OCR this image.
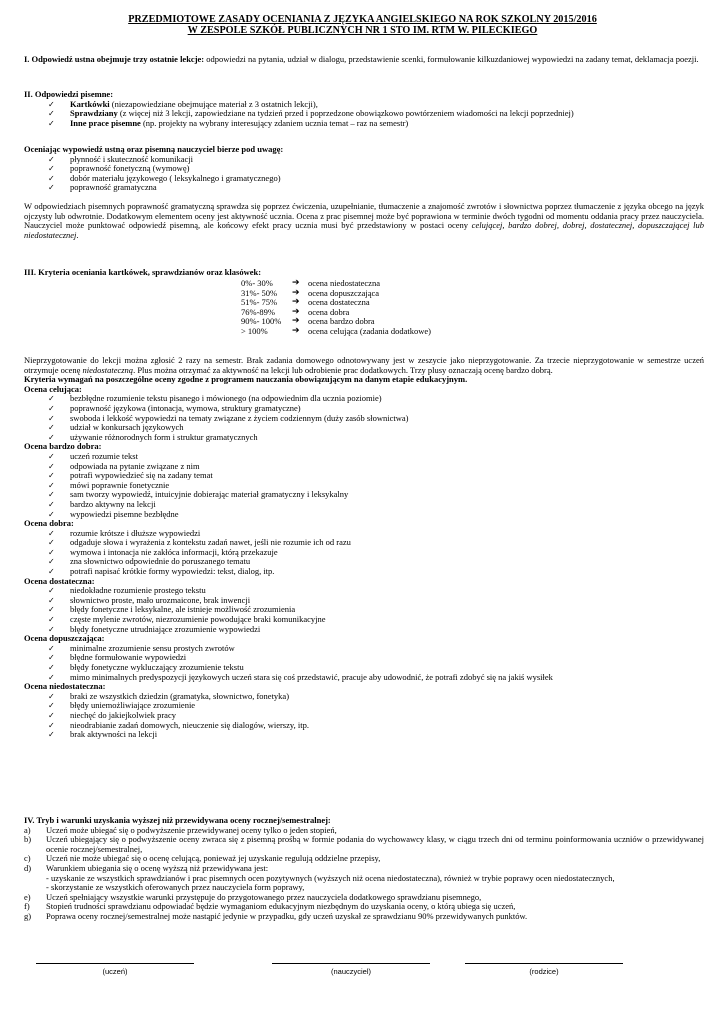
PRZEDMIOTOWE ZASADY OCENIANIA Z JĘZYKA ANGIELSKIEGO NA ROK SZKOLNY 2015/2016
W ZESPOLE SZKÓŁ PUBLICZNYCH NR 1 STO IM. RTM W. PILECKIEGO
I. Odpowiedź ustna obejmuje trzy ostatnie lekcje: odpowiedzi na pytania, udział w dialogu, przedstawienie scenki, formułowanie kilkuzdaniowej wypowiedzi na zadany temat, deklamacja poezji.

II. Odpowiedzi pisemne:

✓ Kartkówki (niezapowiedziane obejmujące materiał z 3 ostatnich lekcji),
✓ Sprawdziany (z więcej niż 3 lekcji, zapowiedziane na tydzień przed i poprzedzone obowiązkowo powtórzeniem wiadomości na lekcji poprzedniej)
✓ Inne prace pisemne (np. projekty na wybrany interesujący zdaniem ucznia temat – raz na semestr)

Oceniając wypowiedź ustną oraz pisemną nauczyciel bierze pod uwagę:

✓ płynność i skuteczność komunikacji
✓ poprawność fonetyczną (wymowę)
✓ dobór materiału językowego ( leksykalnego i gramatycznego)
✓ poprawność gramatyczna

W odpowiedziach pisemnych poprawność gramatyczną sprawdza się poprzez ćwiczenia, uzupełnianie, tłumaczenie a znajomość zwrotów i słownictwa poprzez tłumaczenie z języka obcego na język ojczysty lub odwrotnie. Dodatkowym elementem oceny jest aktywność ucznia. Ocena z prac pisemnej może być poprawiona w terminie dwóch tygodni od momentu oddania pracy przez nauczyciela. Nauczyciel może punktować odpowiedź pisemną, ale końcowy efekt pracy ucznia musi być przedstawiony w postaci oceny celującej, bardzo dobrej, dobrej, dostatecznej, dopuszczającej lub niedostatecznej.

III. Kryteria oceniania kartkówek, sprawdzianów oraz klasówek:

0%- 30%	➔ ocena niedostateczna
31%- 50%	➔ ocena dopuszczająca
51%- 75%	➔ ocena dostateczna
76%-89%	➔ ocena dobra
90%- 100%	➔ ocena bardzo dobra
> 100%	➔ ocena celująca (zadania dodatkowe)

Nieprzygotowanie do lekcji można zgłosić 2 razy na semestr. Brak zadania domowego odnotowywany jest w zeszycie jako nieprzygotowanie. Za trzecie nieprzygotowanie w semestrze uczeń otrzymuje ocenę niedostateczną. Plus można otrzymać za aktywność na lekcji lub odrobienie prac dodatkowych. Trzy plusy oznaczają ocenę bardzo dobrą.

Kryteria wymagań na poszczególne oceny zgodne z programem nauczania obowiązującym na danym etapie edukacyjnym.

Ocena celująca:

✓ bezbłędne rozumienie tekstu pisanego i mówionego (na odpowiednim dla ucznia poziomie)
✓ poprawność językowa (intonacja, wymowa, struktury gramatyczne)
✓ swoboda i lekkość wypowiedzi na tematy związane z życiem codziennym (duży zasób słownictwa)
✓ udział w konkursach językowych
✓ używanie różnorodnych form i struktur gramatycznych

Ocena bardzo dobra:

✓ uczeń rozumie tekst
✓ odpowiada na pytanie związane z nim
✓ potrafi wypowiedzieć się na zadany temat
✓ mówi poprawnie fonetycznie
✓ sam tworzy wypowiedź, intuicyjnie dobierając materiał gramatyczny i leksykalny
✓ bardzo aktywny na lekcji
✓ wypowiedzi pisemne bezbłędne

Ocena dobra:

✓ rozumie krótsze i dłuższe wypowiedzi
✓ odgaduje słowa i wyrażenia z kontekstu zadań nawet, jeśli nie rozumie ich od razu
✓ wymowa i intonacja nie zakłóca informacji, którą przekazuje
✓ zna słownictwo odpowiednie do poruszanego tematu
✓ potrafi napisać krótkie formy wypowiedzi: tekst, dialog, itp.

Ocena dostateczna:

✓ niedokładne rozumienie prostego tekstu
✓ słownictwo proste, mało urozmaicone, brak inwencji
✓ błędy fonetyczne i leksykalne, ale istnieje możliwość zrozumienia
✓ częste mylenie zwrotów, niezrozumienie powodujące braki komunikacyjne
✓ błędy fonetyczne utrudniające zrozumienie wypowiedzi

Ocena dopuszczająca:

✓ minimalne zrozumienie sensu prostych zwrotów
✓ błędne formułowanie wypowiedzi
✓ błędy fonetyczne wykluczający zrozumienie tekstu
✓ mimo minimalnych predyspozycji językowych uczeń stara się coś przedstawić, pracuje aby udowodnić, że potrafi zdobyć się na jakiś wysiłek

Ocena niedostateczna:

✓ braki ze wszystkich dziedzin (gramatyka, słownictwo, fonetyka)
✓ błędy uniemożliwiające zrozumienie
✓ niechęć do jakiejkolwiek pracy
✓ nieodrabianie zadań domowych, nieuczenie się dialogów, wierszy, itp.
✓ brak aktywności na lekcji

IV. Tryb i warunki uzyskania wyższej niż przewidywana oceny rocznej/semestralnej:

a) Uczeń może ubiegać się o podwyższenie przewidywanej oceny tylko o jeden stopień,
b) Uczeń ubiegający się o podwyższenie oceny zwraca się z pisemną prośbą w formie podania do wychowawcy klasy, w ciągu trzech dni od terminu poinformowania uczniów o przewidywanej ocenie rocznej/semestralnej,
c) Uczeń nie może ubiegać się o ocenę celującą, ponieważ jej uzyskanie regulują oddzielne przepisy,
d) Warunkiem ubiegania się o ocenę wyższą niż przewidywana jest:
- uzyskanie ze wszystkich sprawdzianów i prac pisemnych ocen pozytywnych (wyższych niż ocena niedostateczna), również w trybie poprawy ocen niedostatecznych,
- skorzystanie ze wszystkich oferowanych przez nauczyciela form poprawy,
e) Uczeń spełniający wszystkie warunki przystępuje do przygotowanego przez nauczyciela dodatkowego sprawdzianu pisemnego,
f) Stopień trudności sprawdzianu odpowiadać będzie wymaganiom edukacyjnym niezbędnym do uzyskania oceny, o którą ubiega się uczeń,
g) Poprawa oceny rocznej/semestralnej może nastąpić jedynie w przypadku, gdy uczeń uzyskał ze sprawdzianu 90% przewidywanych punktów.
(uczeń)	(nauczyciel)	(rodzice)
